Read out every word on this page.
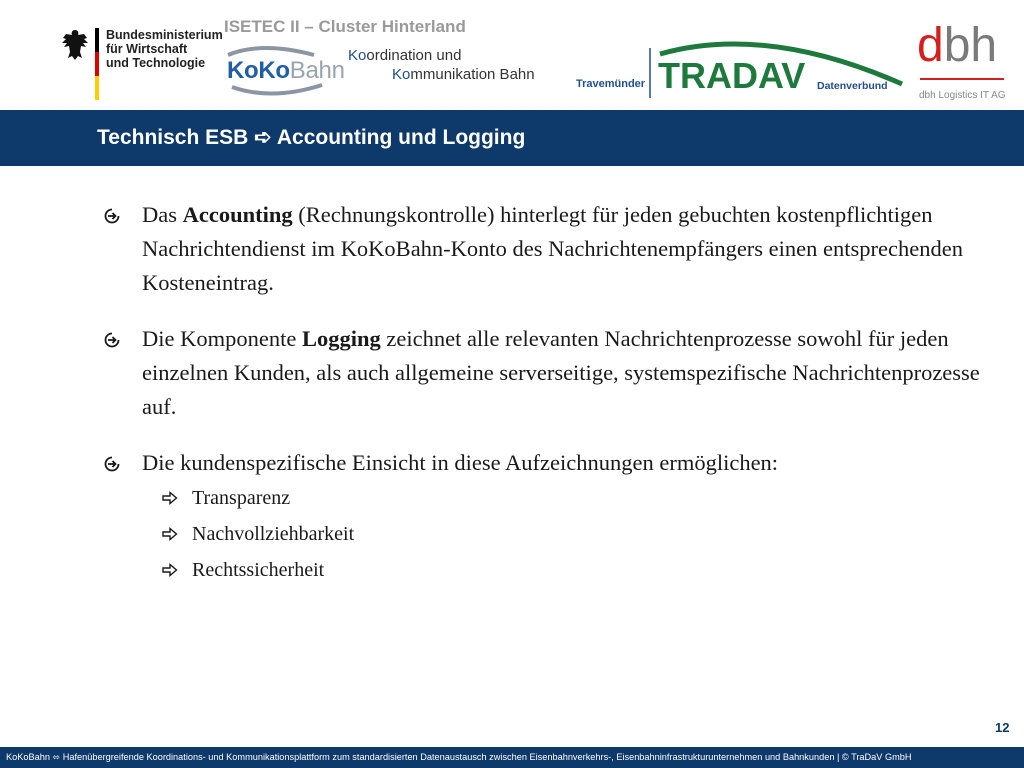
Bundesministerium
für Wirtschaft
und Technologie
ISETEC II – Cluster Hinterland
KoKoBahn
Koordination und
Kommunikation Bahn
Travemünder TRADAV Datenverbund
dbh
dbh Logistics IT AG
Technisch ESB ➪ Accounting und Logging
Das Accounting (Rechnungskontrolle) hinterlegt für jeden gebuchten kostenpflichtigen Nachrichtendienst im KoKoBahn-Konto des Nachrichtenempfängers einen entsprechenden Kosteneintrag.
Die Komponente Logging zeichnet alle relevanten Nachrichtenprozesse sowohl für jeden einzelnen Kunden, als auch allgemeine serverseitige, systemspezifische Nachrichtenprozesse auf.
Die kundenspezifische Einsicht in diese Aufzeichnungen ermöglichen:
Transparenz
Nachvollziehbarkeit
Rechtssicherheit
12
KoKoBahn ⬄ Hafenübergreifende Koordinations- und Kommunikationsplattform zum standardisierten Datenaustausch zwischen Eisenbahnverkehrs-, Eisenbahninfrastrukturunternehmen und Bahnkunden | © TraDaV GmbH
